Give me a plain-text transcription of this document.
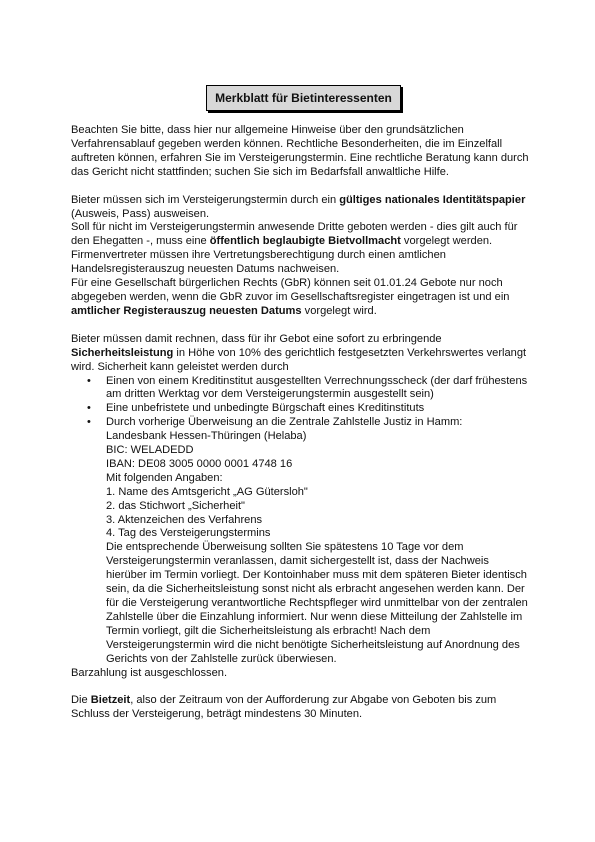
Merkblatt für Bietinteressenten

Beachten Sie bitte, dass hier nur allgemeine Hinweise über den grundsätzlichen Verfahrensablauf gegeben werden können. Rechtliche Besonderheiten, die im Einzelfall auftreten können, erfahren Sie im Versteigerungstermin. Eine rechtliche Beratung kann durch das Gericht nicht stattfinden; suchen Sie sich im Bedarfsfall anwaltliche Hilfe.

Bieter müssen sich im Versteigerungstermin durch ein gültiges nationales Identitätspapier (Ausweis, Pass) ausweisen.

Soll für nicht im Versteigerungstermin anwesende Dritte geboten werden - dies gilt auch für den Ehegatten -, muss eine öffentlich beglaubigte Bietvollmacht vorgelegt werden.

Firmenvertreter müssen ihre Vertretungsberechtigung durch einen amtlichen Handelsregisterauszug neuesten Datums nachweisen.

Für eine Gesellschaft bürgerlichen Rechts (GbR) können seit 01.01.24 Gebote nur noch abgegeben werden, wenn die GbR zuvor im Gesellschaftsregister eingetragen ist und ein amtlicher Registerauszug neuesten Datums vorgelegt wird.

Bieter müssen damit rechnen, dass für ihr Gebot eine sofort zu erbringende Sicherheitsleistung in Höhe von 10% des gerichtlich festgesetzten Verkehrswertes verlangt wird. Sicherheit kann geleistet werden durch

• Einen von einem Kreditinstitut ausgestellten Verrechnungsscheck (der darf frühestens am dritten Werktag vor dem Versteigerungstermin ausgestellt sein)
• Eine unbefristete und unbedingte Bürgschaft eines Kreditinstituts
• Durch vorherige Überweisung an die Zentrale Zahlstelle Justiz in Hamm:
Landesbank Hessen-Thüringen (Helaba)
BIC: WELADEDD
IBAN: DE08 3005 0000 0001 4748 16
Mit folgenden Angaben:
1. Name des Amtsgericht „AG Gütersloh"
2. das Stichwort „Sicherheit"
3. Aktenzeichen des Verfahrens
4. Tag des Versteigerungstermins
Die entsprechende Überweisung sollten Sie spätestens 10 Tage vor dem Versteigerungstermin veranlassen, damit sichergestellt ist, dass der Nachweis hierüber im Termin vorliegt. Der Kontoinhaber muss mit dem späteren Bieter identisch sein, da die Sicherheitsleistung sonst nicht als erbracht angesehen werden kann. Der für die Versteigerung verantwortliche Rechtspfleger wird unmittelbar von der zentralen Zahlstelle über die Einzahlung informiert. Nur wenn diese Mitteilung der Zahlstelle im Termin vorliegt, gilt die Sicherheitsleistung als erbracht! Nach dem Versteigerungstermin wird die nicht benötigte Sicherheitsleistung auf Anordnung des Gerichts von der Zahlstelle zurück überwiesen.

Barzahlung ist ausgeschlossen.

Die Bietzeit, also der Zeitraum von der Aufforderung zur Abgabe von Geboten bis zum Schluss der Versteigerung, beträgt mindestens 30 Minuten.
